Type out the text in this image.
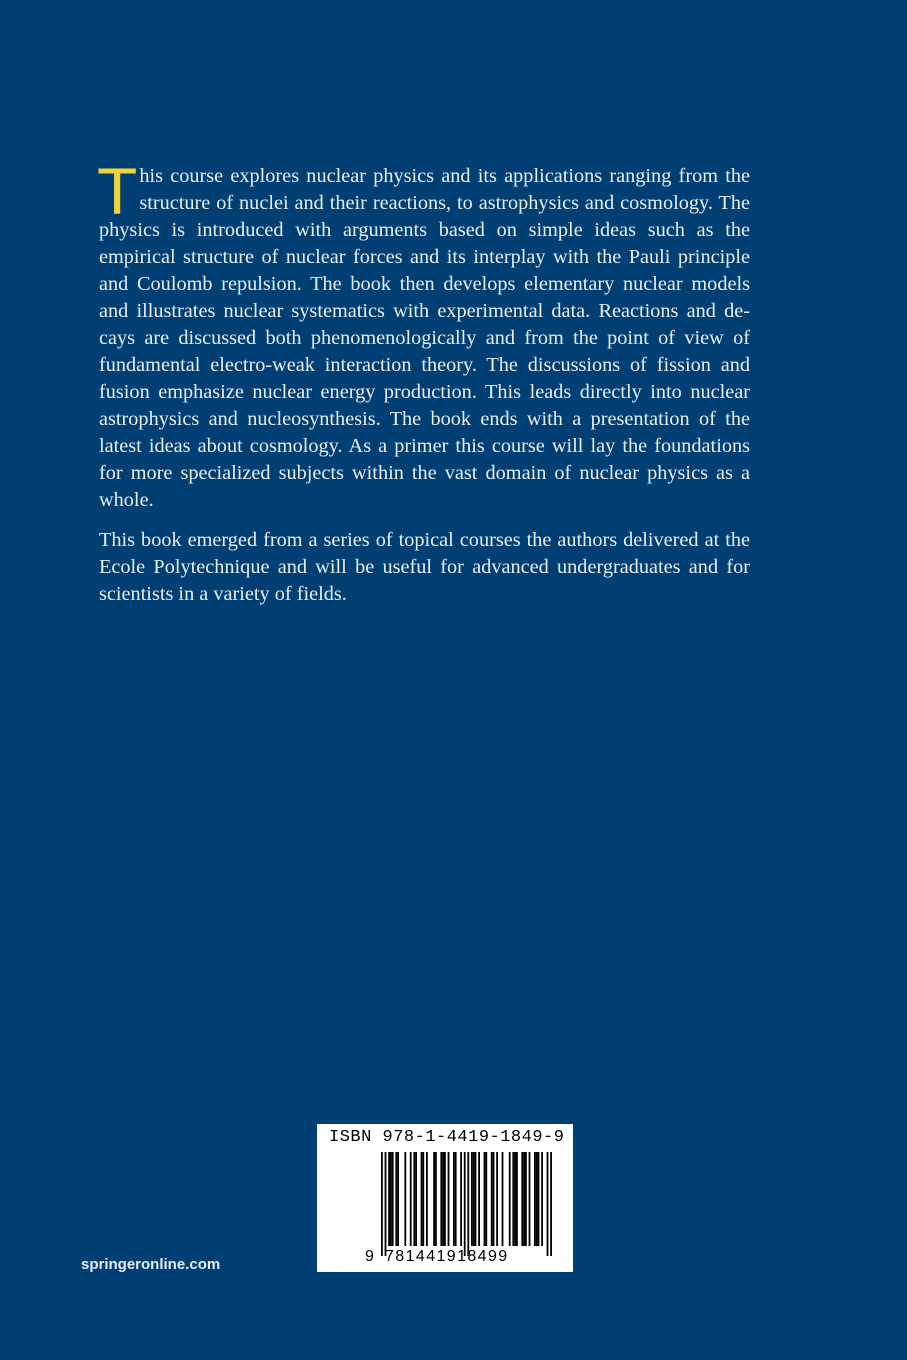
This course explores nuclear physics and its applications ranging from the structure of nuclei and their reactions, to astrophysics and cosmology. The physics is introduced with arguments based on simple ideas such as the empirical structure of nuclear forces and its interplay with the Pauli principle and Coulomb repulsion. The book then develops elementary nuclear models and illustrates nuclear systematics with experimental data. Reactions and decays are discussed both phenomenologically and from the point of view of fundamental electro-weak interaction theory. The discussions of fission and fusion emphasize nuclear energy production. This leads directly into nuclear astrophysics and nucleosynthesis. The book ends with a presentation of the latest ideas about cosmology. As a primer this course will lay the foundations for more specialized subjects within the vast domain of nuclear physics as a whole.

This book emerged from a series of topical courses the authors delivered at the Ecole Polytechnique and will be useful for advanced undergraduates and for scientists in a variety of fields.

springeronline.com
ISBN 978-1-4419-1849-9
9 781441918499
